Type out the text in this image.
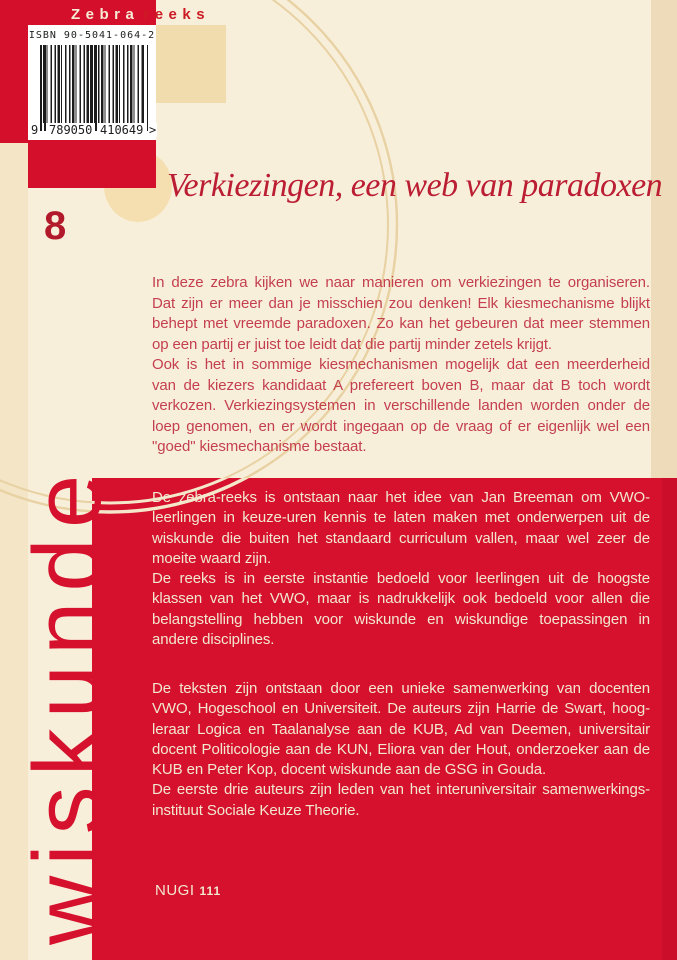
ISBN 90-5041-064-2
9 789050 410649 >
Zebra reeks
8
Verkiezingen, een web van paradoxen
In deze zebra kijken we naar manieren om verkiezingen te organiseren.
Dat zijn er meer dan je misschien zou denken! Elk kiesmechanisme blijkt
behept met vreemde paradoxen. Zo kan het gebeuren dat meer stemmen
op een partij er juist toe leidt dat die partij minder zetels krijgt.
Ook is het in sommige kiesmechanismen mogelijk dat een meerderheid
van de kiezers kandidaat A prefereert boven B, maar dat B toch wordt
verkozen. Verkiezingsystemen in verschillende landen worden onder de
loep genomen, en er wordt ingegaan op de vraag of er eigenlijk wel een
"goed" kiesmechanisme bestaat.
De zebra-reeks is ontstaan naar het idee van Jan Breeman om VWO-
leerlingen in keuze-uren kennis te laten maken met onderwerpen uit de
wiskunde die buiten het standaard curriculum vallen, maar wel zeer de
moeite waard zijn.
De reeks is in eerste instantie bedoeld voor leerlingen uit de hoogste
klassen van het VWO, maar is nadrukkelijk ook bedoeld voor allen die
belangstelling hebben voor wiskunde en wiskundige toepassingen in
andere disciplines.
De teksten zijn ontstaan door een unieke samenwerking van docenten
VWO, Hogeschool en Universiteit. De auteurs zijn Harrie de Swart, hoog-
leraar Logica en Taalanalyse aan de KUB, Ad van Deemen, universitair
docent Politicologie aan de KUN, Eliora van der Hout, onderzoeker aan de
KUB en Peter Kop, docent wiskunde aan de GSG in Gouda.
De eerste drie auteurs zijn leden van het interuniversitair samenwerkings-
instituut Sociale Keuze Theorie.
NUGI 111
wiskunde
